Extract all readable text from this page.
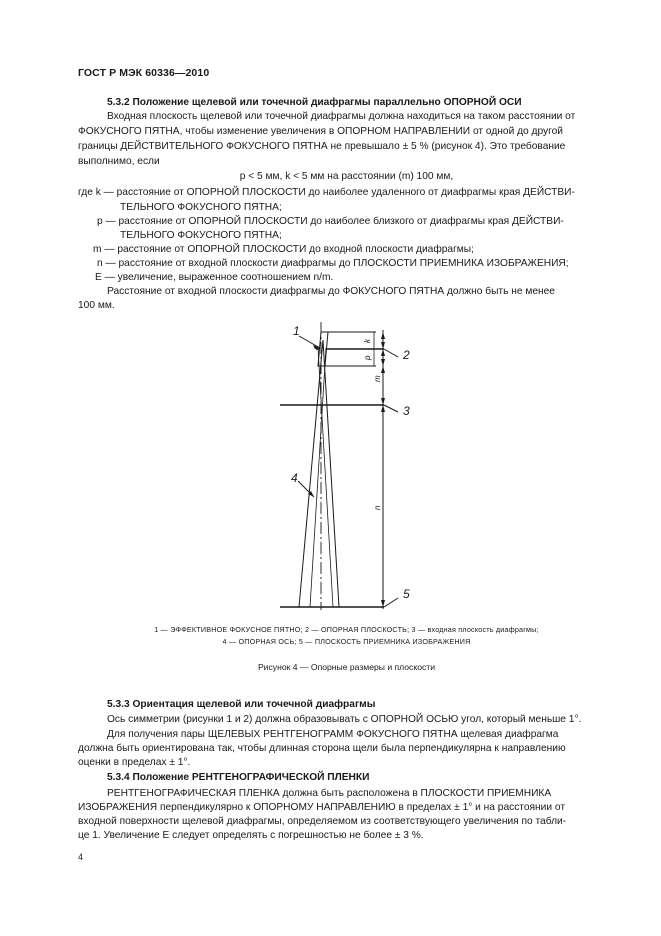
ГОСТ Р МЭК 60336—2010
5.3.2 Положение щелевой или точечной диафрагмы параллельно ОПОРНОЙ ОСИ
Входная плоскость щелевой или точечной диафрагмы должна находиться на таком расстоянии от
ФОКУСНОГО ПЯТНА, чтобы изменение увеличения в ОПОРНОМ НАПРАВЛЕНИИ от одной до другой
границы ДЕЙСТВИТЕЛЬНОГО ФОКУСНОГО ПЯТНА не превышало ± 5 % (рисунок 4). Это требование
выполнимо, если
p < 5 мм, k < 5 мм на расстоянии (m) 100 мм,
где k — расстояние от ОПОРНОЙ ПЛОСКОСТИ до наиболее удаленного от диафрагмы края ДЕЙСТВИ-
ТЕЛЬНОГО ФОКУСНОГО ПЯТНА;
p — расстояние от ОПОРНОЙ ПЛОСКОСТИ до наиболее близкого от диафрагмы края ДЕЙСТВИ-
ТЕЛЬНОГО ФОКУСНОГО ПЯТНА;
m — расстояние от ОПОРНОЙ ПЛОСКОСТИ до входной плоскости диафрагмы;
n — расстояние от входной плоскости диафрагмы до ПЛОСКОСТИ ПРИЕМНИКА ИЗОБРАЖЕНИЯ;
E — увеличение, выраженное соотношением n/m.
Расстояние от входной плоскости диафрагмы до ФОКУСНОГО ПЯТНА должно быть не менее
100 мм.
1
2
3
4
5
k
p
m
n
1 — ЭФФЕКТИВНОЕ ФОКУСНОЕ ПЯТНО; 2 — ОПОРНАЯ ПЛОСКОСТЬ; 3 — входная плоскость диафрагмы;
4 — ОПОРНАЯ ОСЬ; 5 — ПЛОСКОСТЬ ПРИЕМНИКА ИЗОБРАЖЕНИЯ
Рисунок 4 — Опорные размеры и плоскости
5.3.3 Ориентация щелевой или точечной диафрагмы
Ось симметрии (рисунки 1 и 2) должна образовывать с ОПОРНОЙ ОСЬЮ угол, который меньше 1°.
Для получения пары ЩЕЛЕВЫХ РЕНТГЕНОГРАММ ФОКУСНОГО ПЯТНА щелевая диафрагма
должна быть ориентирована так, чтобы длинная сторона щели была перпендикулярна к направлению
оценки в пределах ± 1°.
5.3.4 Положение РЕНТГЕНОГРАФИЧЕСКОЙ ПЛЕНКИ
РЕНТГЕНОГРАФИЧЕСКАЯ ПЛЕНКА должна быть расположена в ПЛОСКОСТИ ПРИЕМНИКА
ИЗОБРАЖЕНИЯ перпендикулярно к ОПОРНОМУ НАПРАВЛЕНИЮ в пределах ± 1° и на расстоянии от
входной поверхности щелевой диафрагмы, определяемом из соответствующего увеличения по табли-
це 1. Увеличение E следует определять с погрешностью не более ± 3 %.
4
